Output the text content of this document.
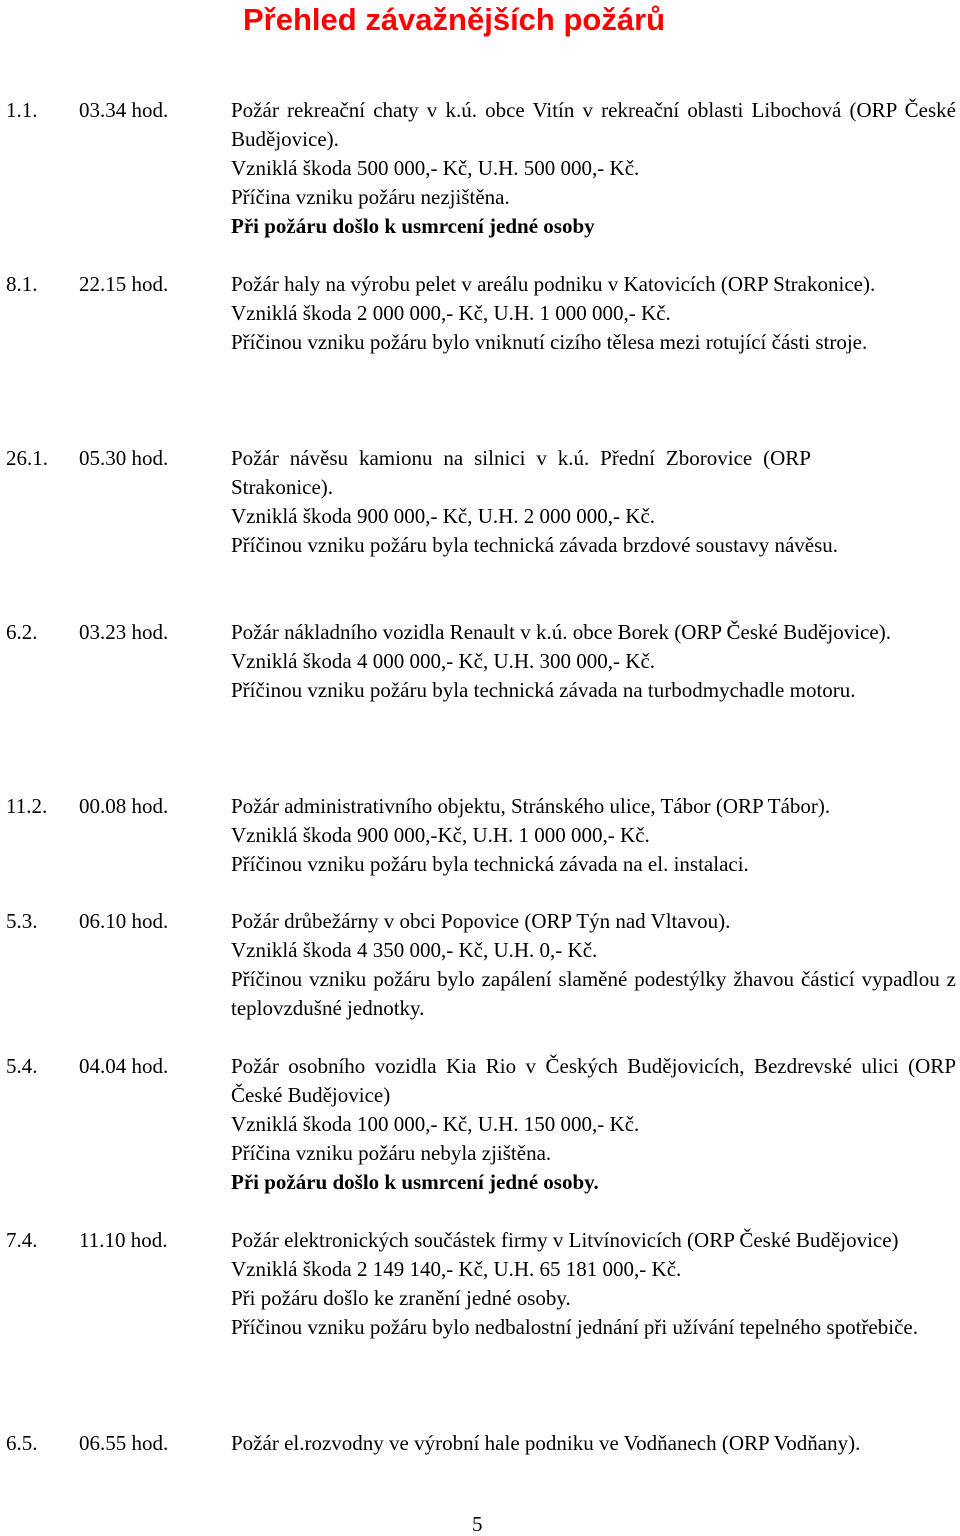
Přehled závažnějších požárů
1.1. 03.34 hod.	Požár rekreační chaty v k.ú. obce Vitín v rekreační oblasti Libochová (ORP České Budějovice).
Vzniklá škoda 500 000,- Kč, U.H. 500 000,- Kč.
Příčina vzniku požáru nezjištěna.
Při požáru došlo k usmrcení jedné osoby
8.1. 22.15 hod.	Požár haly na výrobu pelet v areálu podniku v Katovicích (ORP Strakonice).
Vzniklá škoda 2 000 000,- Kč, U.H. 1 000 000,- Kč.
Příčinou vzniku požáru bylo vniknutí cizího tělesa mezi rotující části stroje.
26.1. 05.30 hod.	Požár návěsu kamionu na silnici v k.ú. Přední Zborovice (ORP Strakonice).
Vzniklá škoda 900 000,- Kč, U.H. 2 000 000,- Kč.
Příčinou vzniku požáru byla technická závada brzdové soustavy návěsu.
6.2. 03.23 hod.	Požár nákladního vozidla Renault v k.ú. obce Borek (ORP České Budějovice).
Vzniklá škoda 4 000 000,- Kč, U.H. 300 000,- Kč.
Příčinou vzniku požáru byla technická závada na turbodmychadle motoru.
11.2. 00.08 hod.	Požár administrativního objektu, Stránského ulice, Tábor (ORP Tábor).
Vzniklá škoda 900 000,-Kč, U.H. 1 000 000,- Kč.
Příčinou vzniku požáru byla technická závada na el. instalaci.
5.3. 06.10 hod.	Požár drůbežárny v obci Popovice (ORP Týn nad Vltavou).
Vzniklá škoda 4 350 000,- Kč, U.H. 0,- Kč.
Příčinou vzniku požáru bylo zapálení slaměné podestýlky žhavou částicí vypadlou z teplovzdušné jednotky.
5.4. 04.04 hod.	Požár osobního vozidla Kia Rio v Českých Budějovicích, Bezdrevské ulici (ORP České Budějovice)
Vzniklá škoda 100 000,- Kč, U.H. 150 000,- Kč.
Příčina vzniku požáru nebyla zjištěna.
Při požáru došlo k usmrcení jedné osoby.
7.4. 11.10 hod.	Požár elektronických součástek firmy v Litvínovicích (ORP České Budějovice)
Vzniklá škoda 2 149 140,- Kč, U.H. 65 181 000,- Kč.
Při požáru došlo ke zranění jedné osoby.
Příčinou vzniku požáru bylo nedbalostní jednání při užívání tepelného spotřebiče.
6.5. 06.55 hod.	Požár el.rozvodny ve výrobní hale podniku ve Vodňanech (ORP Vodňany).
5
